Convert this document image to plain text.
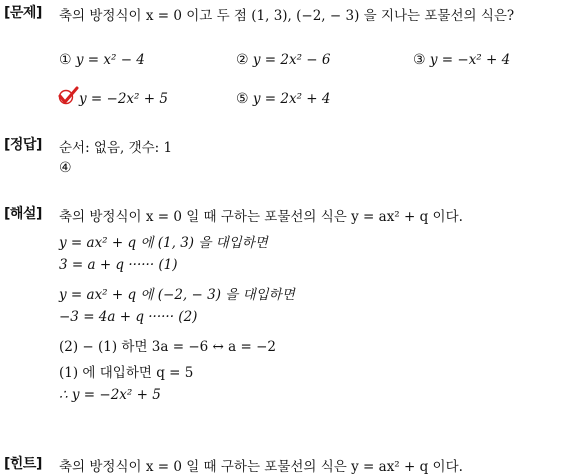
[문제] 축의 방정식이 x = 0 이고 두 점 (1, 3), (−2, − 3) 을 지나는 포물선의 식은?
① y = x² − 4	② y = 2x² − 6	③ y = −x² + 4
y = −2x² + 5	⑤ y = 2x² + 4
[정답] 순서: 없음, 갯수: 1
④
[해설] 축의 방정식이 x = 0 일 때 구하는 포물선의 식은 y = ax² + q 이다.
y = ax² + q 에 (1, 3) 을 대입하면
3 = a + q ······ (1)
y = ax² + q 에 (−2, − 3) 을 대입하면
−3 = 4a + q ······ (2)
(2) − (1) 하면 3a = −6 ↔ a = −2
(1) 에 대입하면 q = 5
∴ y = −2x² + 5
[힌트] 축의 방정식이 x = 0 일 때 구하는 포물선의 식은 y = ax² + q 이다.
